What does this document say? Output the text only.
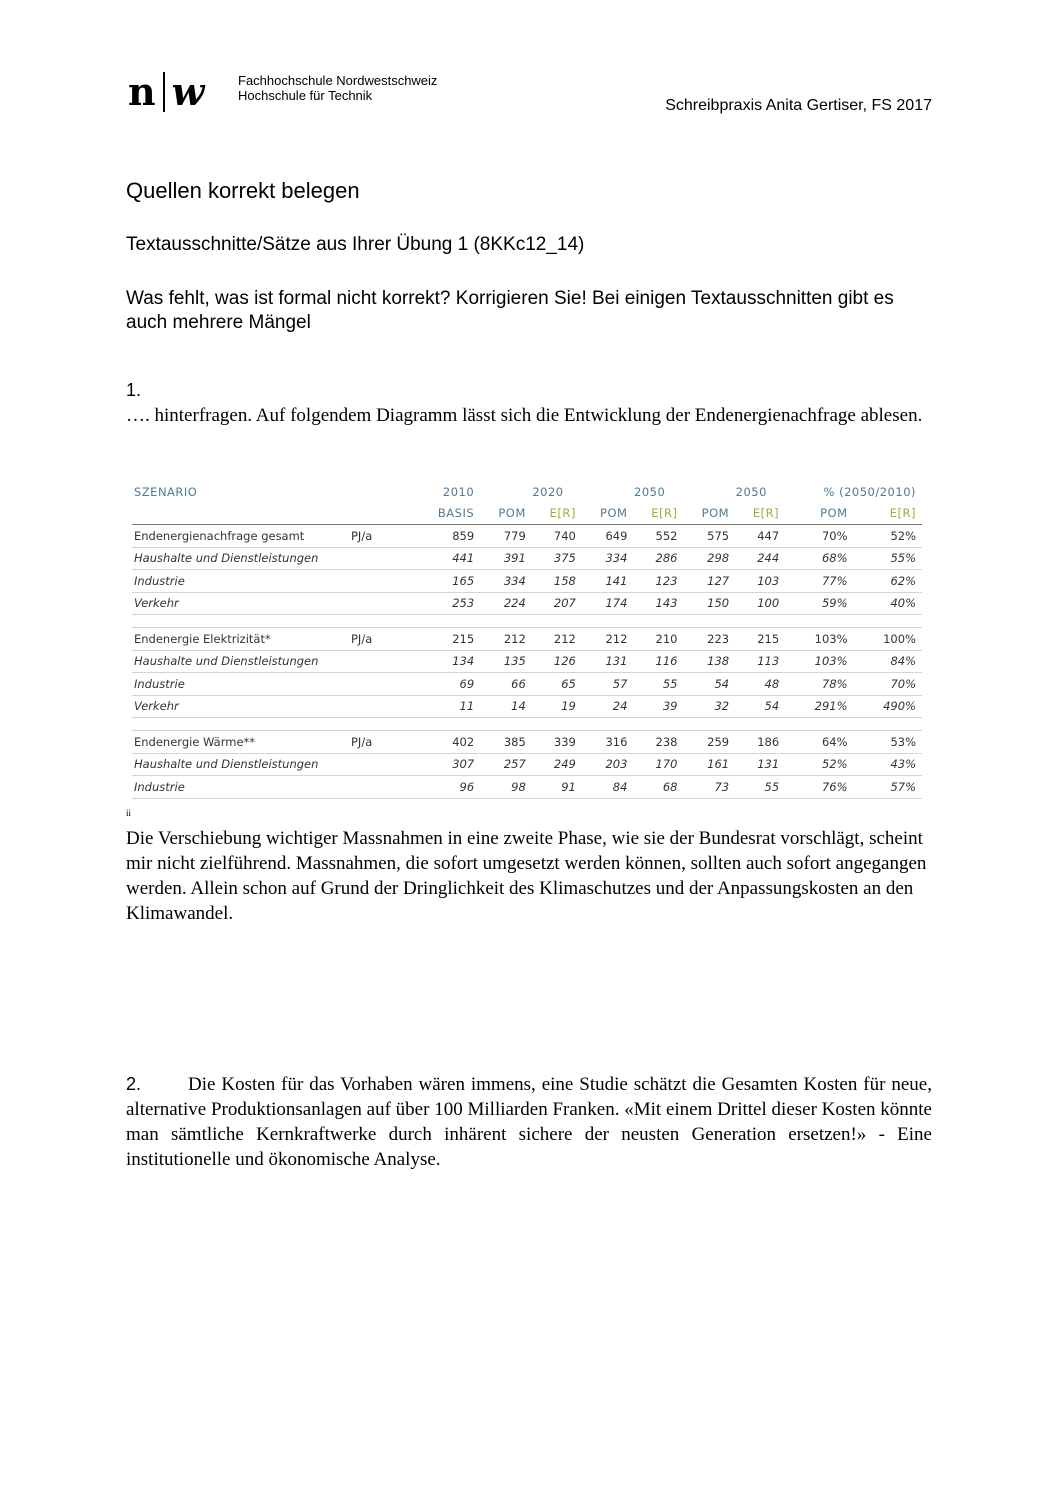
n w	Fachhochschule Nordwestschweiz
Hochschule für Technik
Schreibpraxis Anita Gertiser, FS 2017
Quellen korrekt belegen
Textausschnitte/Sätze aus Ihrer Übung 1 (8KKc12_14)
Was fehlt, was ist formal nicht korrekt? Korrigieren Sie! Bei einigen Textausschnitten gibt es auch mehrere Mängel
1.
…. hinterfragen. Auf folgendem Diagramm lässt sich die Entwicklung der Endenergienachfrage ablesen.
SZENARIO		2010	2020		2050		2050		% (2050/2010)	
		BASIS	POM	E[R]	POM	E[R]	POM	E[R]	POM	E[R]
Endenergienachfrage gesamt	PJ/a	859	779	740	649	552	575	447	70%	52%
Haushalte und Dienstleistungen		441	391	375	334	286	298	244	68%	55%
Industrie		165	334	158	141	123	127	103	77%	62%
Verkehr		253	224	207	174	143	150	100	59%	40%

Endenergie Elektrizität*	PJ/a	215	212	212	212	210	223	215	103%	100%
Haushalte und Dienstleistungen		134	135	126	131	116	138	113	103%	84%
Industrie		69	66	65	57	55	54	48	78%	70%
Verkehr		11	14	19	24	39	32	54	291%	490%

Endenergie Wärme**	PJ/a	402	385	339	316	238	259	186	64%	53%
Haushalte und Dienstleistungen		307	257	249	203	170	161	131	52%	43%
Industrie		96	98	91	84	68	73	55	76%	57%
ii
Die Verschiebung wichtiger Massnahmen in eine zweite Phase, wie sie der Bundesrat vorschlägt, scheint mir nicht zielführend. Massnahmen, die sofort umgesetzt werden können, sollten auch sofort angegangen werden. Allein schon auf Grund der Dringlichkeit des Klimaschutzes und der Anpassungskosten an den Klimawandel.
2. Die Kosten für das Vorhaben wären immens, eine Studie schätzt die Gesamten Kosten für neue, alternative Produktionsanlagen auf über 100 Milliarden Franken. «Mit einem Drittel dieser Kosten könnte man sämtliche Kernkraftwerke durch inhärent sichere der neusten Generation ersetzen!» - Eine institutionelle und ökonomische Analyse.
